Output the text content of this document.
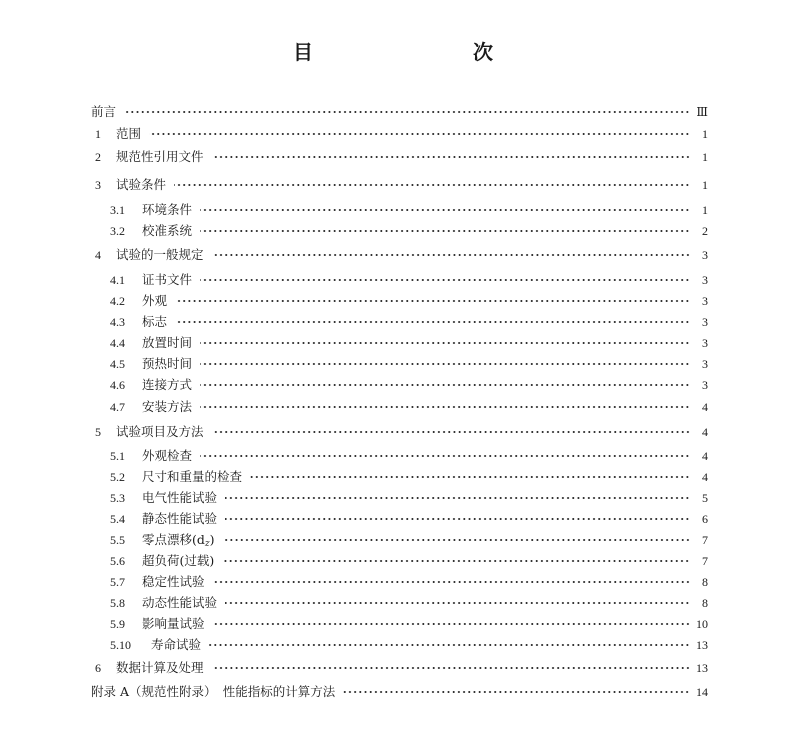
目　　次
前言	Ⅲ
1 范围	1
2 规范性引用文件	1
3 试验条件	1
3.1 环境条件	1
3.2 校准系统	2
4 试验的一般规定	3
4.1 证书文件	3
4.2 外观	3
4.3 标志	3
4.4 放置时间	3
4.5 预热时间	3
4.6 连接方式	3
4.7 安装方法	4
5 试验项目及方法	4
5.1 外观检查	4
5.2 尺寸和重量的检查	4
5.3 电气性能试验	5
5.4 静态性能试验	6
5.5 零点漂移$(d_z)$	7
5.6 超负荷(过载)	7
5.7 稳定性试验	8
5.8 动态性能试验	8
5.9 影响量试验	10
5.10 寿命试验	13
6 数据计算及处理	13
附录 A（规范性附录）　性能指标的计算方法	14
